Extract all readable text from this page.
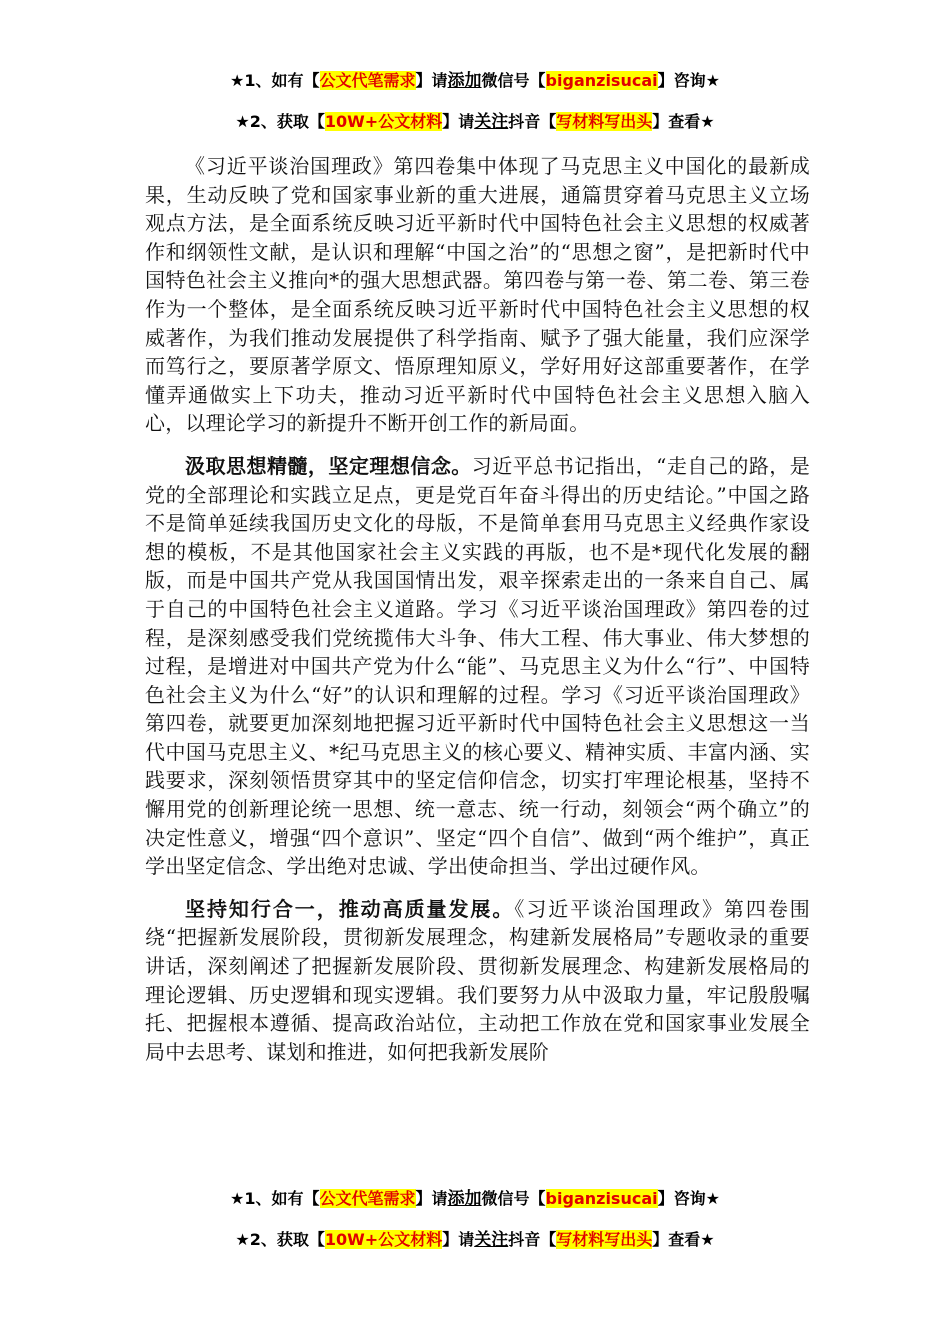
★1、如有【公文代笔需求】请添加微信号【biganzisucai】咨询★
★2、获取【10W+公文材料】请关注抖音【写材料写出头】查看★

《习近平谈治国理政》第四卷集中体现了马克思主义中国化的最新成果，生动反映了党和国家事业新的重大进展，通篇贯穿着马克思主义立场观点方法，是全面系统反映习近平新时代中国特色社会主义思想的权威著作和纲领性文献，是认识和理解“中国之治”的“思想之窗”，是把新时代中国特色社会主义推向*的强大思想武器。第四卷与第一卷、第二卷、第三卷作为一个整体，是全面系统反映习近平新时代中国特色社会主义思想的权威著作，为我们推动发展提供了科学指南、赋予了强大能量，我们应深学而笃行之，要原著学原文、悟原理知原义，学好用好这部重要著作，在学懂弄通做实上下功夫，推动习近平新时代中国特色社会主义思想入脑入心，以理论学习的新提升不断开创工作的新局面。

汲取思想精髓，坚定理想信念。习近平总书记指出，“走自己的路，是党的全部理论和实践立足点，更是党百年奋斗得出的历史结论。”中国之路不是简单延续我国历史文化的母版，不是简单套用马克思主义经典作家设想的模板，不是其他国家社会主义实践的再版，也不是*现代化发展的翻版，而是中国共产党从我国国情出发，艰辛探索走出的一条来自自己、属于自己的中国特色社会主义道路。学习《习近平谈治国理政》第四卷的过程，是深刻感受我们党统揽伟大斗争、伟大工程、伟大事业、伟大梦想的过程，是增进对中国共产党为什么“能”、马克思主义为什么“行”、中国特色社会主义为什么“好”的认识和理解的过程。学习《习近平谈治国理政》第四卷，就要更加深刻地把握习近平新时代中国特色社会主义思想这一当代中国马克思主义、*纪马克思主义的核心要义、精神实质、丰富内涵、实践要求，深刻领悟贯穿其中的坚定信仰信念，切实打牢理论根基，坚持不懈用党的创新理论统一思想、统一意志、统一行动，刻领会“两个确立”的决定性意义，增强“四个意识”、坚定“四个自信”、做到“两个维护”，真正学出坚定信念、学出绝对忠诚、学出使命担当、学出过硬作风。

坚持知行合一，推动高质量发展。《习近平谈治国理政》第四卷围绕“把握新发展阶段，贯彻新发展理念，构建新发展格局”专题收录的重要讲话，深刻阐述了把握新发展阶段、贯彻新发展理念、构建新发展格局的理论逻辑、历史逻辑和现实逻辑。我们要努力从中汲取力量，牢记殷殷嘱托、把握根本遵循、提高政治站位，主动把工作放在党和国家事业发展全局中去思考、谋划和推进，如何把我新发展阶

★1、如有【公文代笔需求】请添加微信号【biganzisucai】咨询★
★2、获取【10W+公文材料】请关注抖音【写材料写出头】查看★
